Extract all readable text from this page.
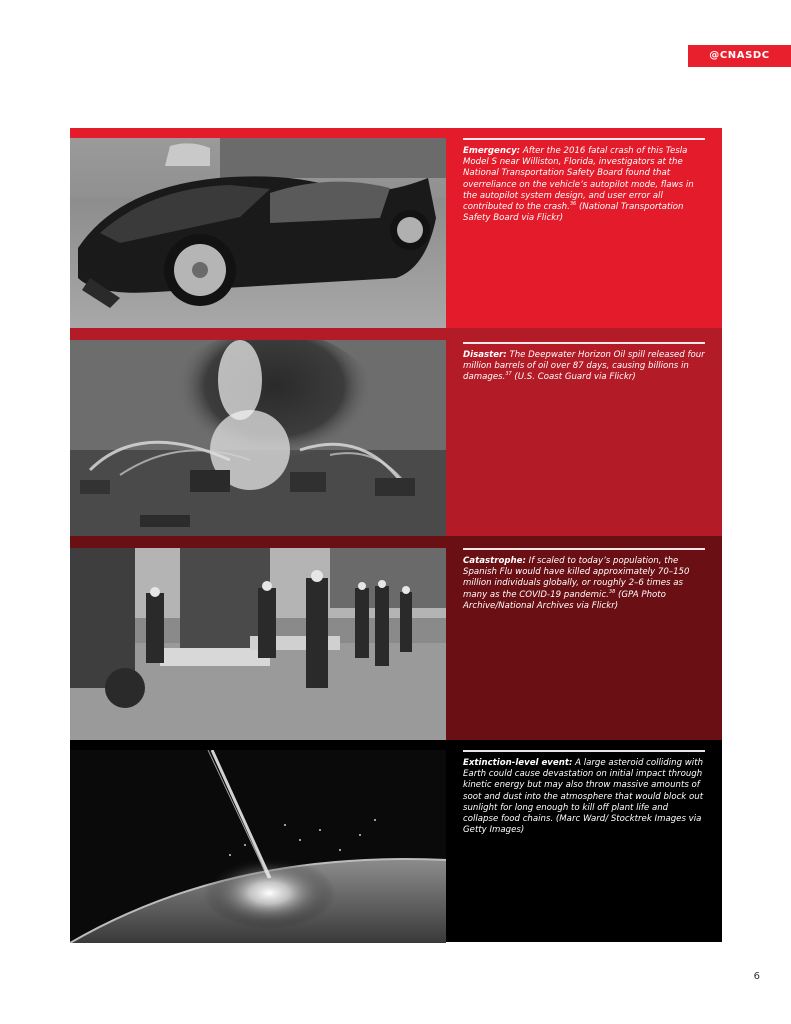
@CNASDC

Emergency: After the 2016 fatal crash of this Tesla Model S near Williston, Florida, investigators at the National Transportation Safety Board found that overreliance on the vehicle’s autopilot mode, flaws in the autopilot system design, and user error all contributed to the crash.$^{36}$ (National Transportation Safety Board via Flickr)

Disaster: The Deepwater Horizon Oil spill released four million barrels of oil over 87 days, causing billions in damages.$^{37}$ (U.S. Coast Guard via Flickr)

Catastrophe: If scaled to today’s population, the Spanish Flu would have killed approximately 70–150 million individuals globally, or roughly 2–6 times as many as the COVID-19 pandemic.$^{38}$ (GPA Photo Archive/National Archives via Flickr)

Extinction-level event: A large asteroid colliding with Earth could cause devastation on initial impact through kinetic energy but may also throw massive amounts of soot and dust into the atmosphere that would block out sunlight for long enough to kill off plant life and collapse food chains. (Marc Ward/ Stocktrek Images via Getty Images)

6
